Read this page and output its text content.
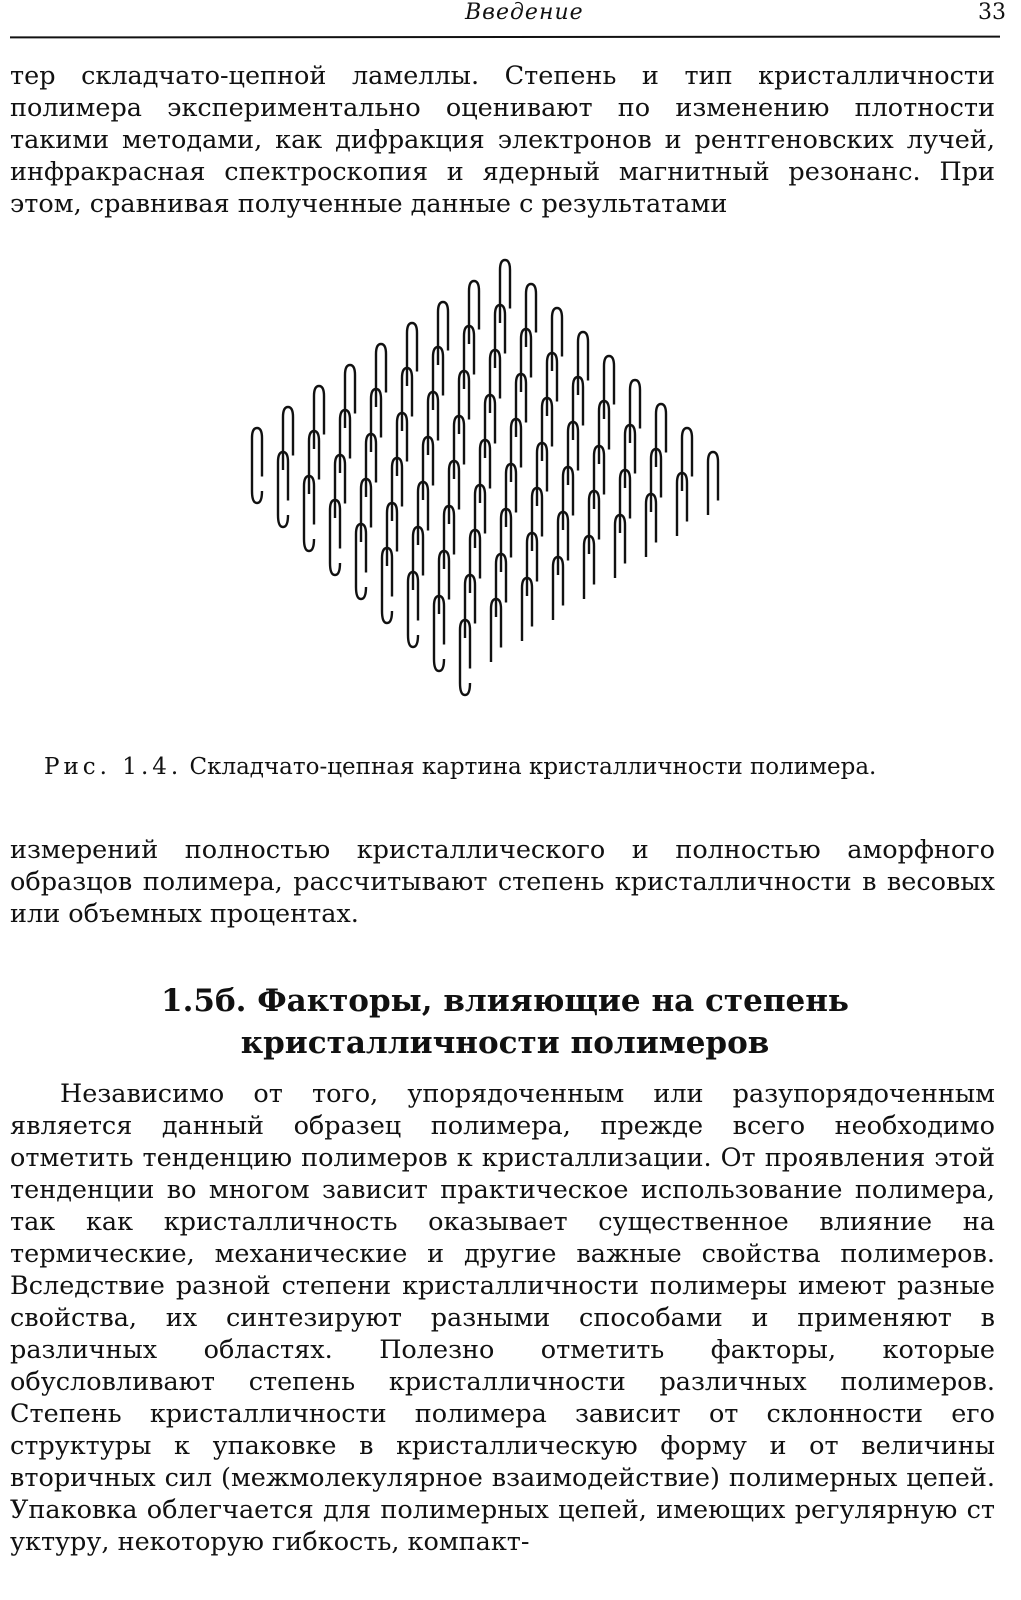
Введение	33

тер складчато-цепной ламеллы. Степень и тип кристалличности полимера экспериментально оценивают по изменению плотности такими методами, как дифракция электронов и рентгеновских лучей, инфракрасная спектроскопия и ядерный магнитный резонанс. При этом, сравнивая полученные данные с результатами

Рис. 1.4. Складчато-цепная картина кристалличности полимера.

измерений полностью кристаллического и полностью аморфного образцов полимера, рассчитывают степень кристалличности в весовых или объемных процентах.

1.5б. Факторы, влияющие на степень
кристалличности полимеров

Независимо от того, упорядоченным или разупорядоченным является данный образец полимера, прежде всего необходимо отметить тенденцию полимеров к кристаллизации. От проявления этой тенденции во многом зависит практическое использование полимера, так как кристалличность оказывает существенное влияние на термические, механические и другие важные свойства полимеров. Вследствие разной степени кристалличности полимеры имеют разные свойства, их синтезируют разными способами и применяют в различных областях. Полезно отметить факторы, которые обусловливают степень кристалличности различных полимеров. Степень кристалличности полимера зависит от склонности его структуры к упаковке в кристаллическую форму и от величины вторичных сил (межмолекулярное взаимодействие) полимерных цепей. Упаковка облегчается для полимерных цепей, имеющих регулярную ст уктуру, некоторую гибкость, компакт-
